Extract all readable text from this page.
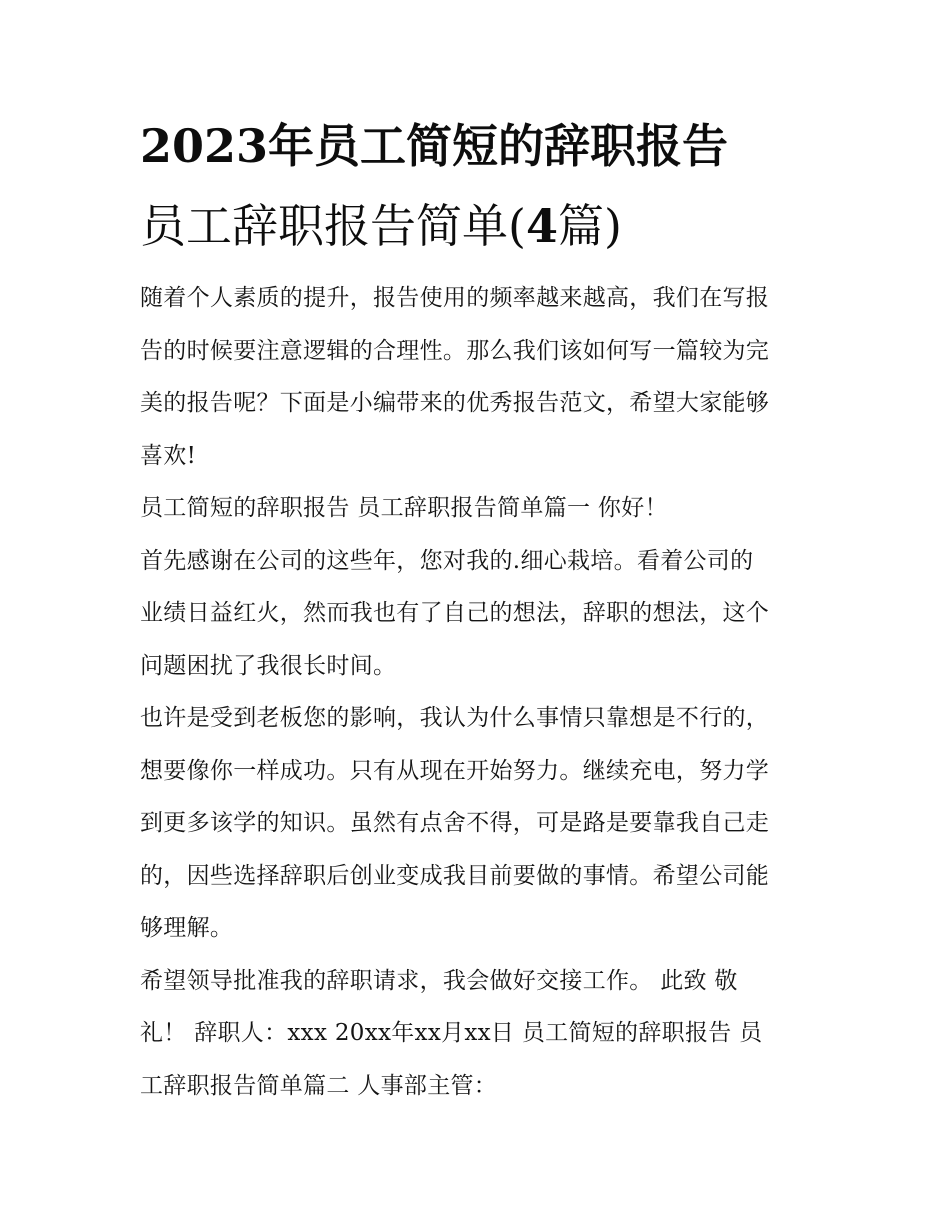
2023年员工简短的辞职报告
员工辞职报告简单(4篇)
随着个人素质的提升，报告使用的频率越来越高，我们在写报
告的时候要注意逻辑的合理性。那么我们该如何写一篇较为完
美的报告呢？下面是小编带来的优秀报告范文，希望大家能够
喜欢!
员工简短的辞职报告 员工辞职报告简单篇一 你好！
首先感谢在公司的这些年，您对我的.细心栽培。看着公司的
业绩日益红火，然而我也有了自己的想法，辞职的想法，这个
问题困扰了我很长时间。
也许是受到老板您的影响，我认为什么事情只靠想是不行的，
想要像你一样成功。只有从现在开始努力。继续充电，努力学
到更多该学的知识。虽然有点舍不得，可是路是要靠我自己走
的，因些选择辞职后创业变成我目前要做的事情。希望公司能
够理解。
希望领导批准我的辞职请求，我会做好交接工作。 此致 敬
礼！ 辞职人：xxx 20xx年xx月xx日 员工简短的辞职报告 员
工辞职报告简单篇二 人事部主管：
